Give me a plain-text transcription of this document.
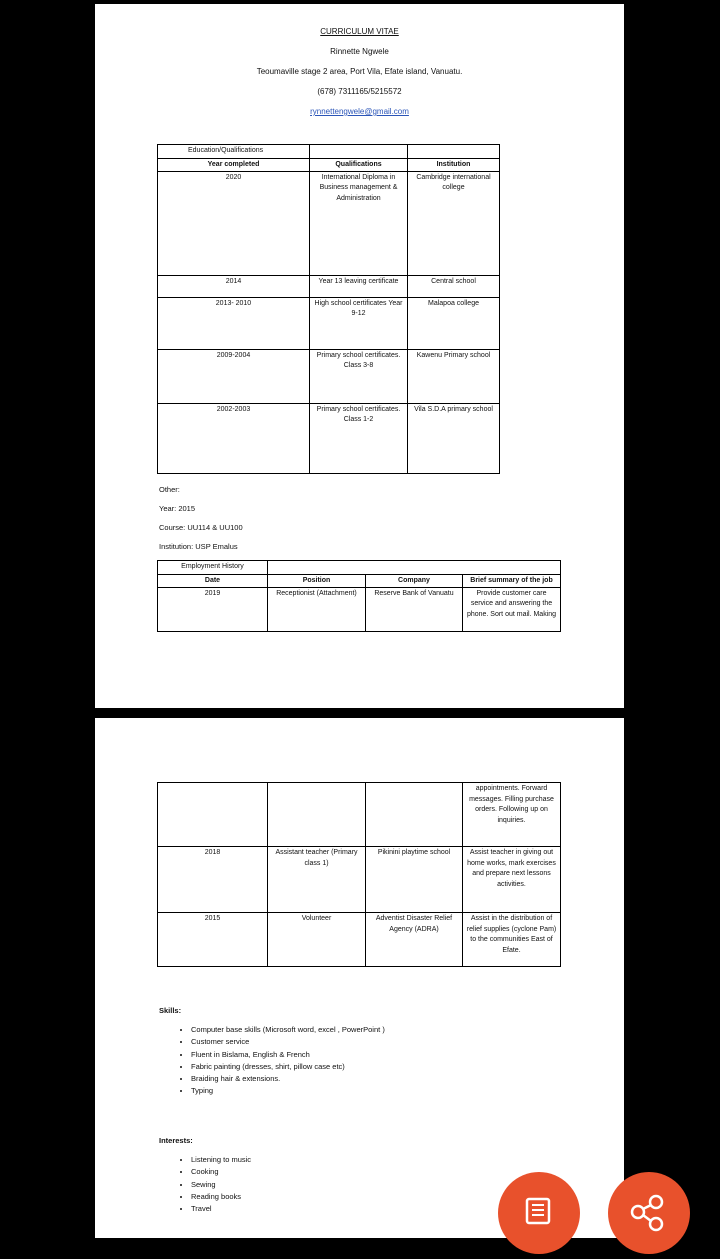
CURRICULUM VITAE
Rinnette Ngwele
Teoumaville stage 2 area, Port Vila, Efate island, Vanuatu.
(678) 7311165/5215572
rynnettengwele@gmail.com
Education/Qualifications		
Year completed	Qualifications	Institution
2020	International Diploma in Business management & Administration	Cambridge international college
2014	Year 13 leaving certificate	Central school
2013- 2010	High school certificates Year 9-12	Malapoa college
2009-2004	Primary school certificates. Class 3-8	Kawenu Primary school
2002-2003	Primary school certificates. Class 1-2	Vila S.D.A primary school
Other:
Year: 2015
Course: UU114 & UU100
Institution: USP Emalus
Employment History			
Date	Position	Company	Brief summary of the job
2019	Receptionist (Attachment)	Reserve Bank of Vanuatu	Provide customer care service and answering the phone. Sort out mail. Making
			appointments. Forward messages. Filling purchase orders. Following up on inquiries.
2018	Assistant teacher (Primary class 1)	Pikinini playtime school	Assist teacher in giving out home works, mark exercises and prepare next lessons activities.
2015	Volunteer	Adventist Disaster Relief Agency (ADRA)	Assist in the distribution of relief supplies (cyclone Pam) to the communities East of Efate.
Skills:
• Computer base skills (Microsoft word, excel , PowerPoint )
• Customer service
• Fluent in Bislama, English & French
• Fabric painting (dresses, shirt, pillow case etc)
• Braiding hair & extensions.
• Typing
Interests:
• Listening to music
• Cooking
• Sewing
• Reading books
• Travel
